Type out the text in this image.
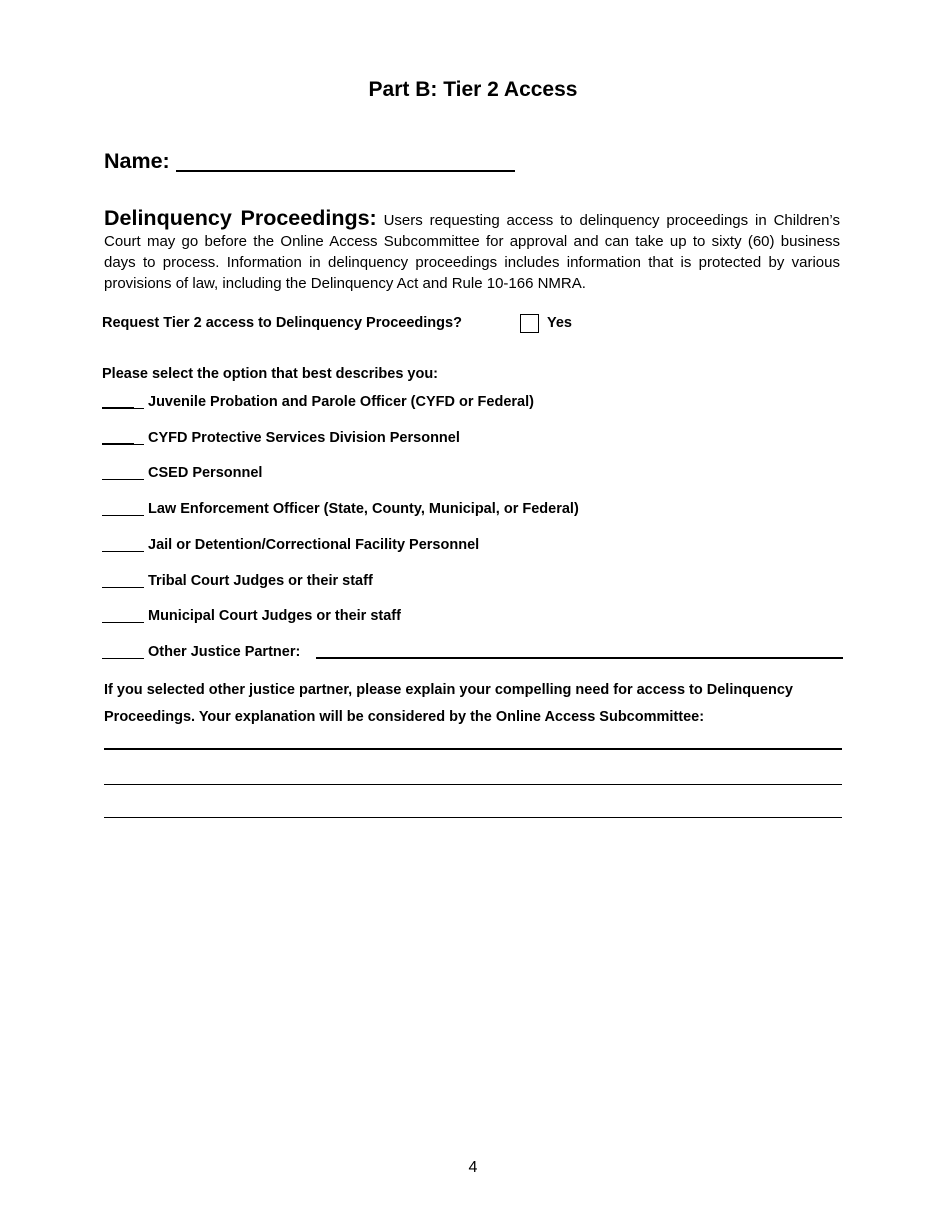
Part B: Tier 2 Access
Name:
Delinquency Proceedings: Users requesting access to delinquency proceedings in Children’s Court may go before the Online Access Subcommittee for approval and can take up to sixty (60) business days to process. Information in delinquency proceedings includes information that is protected by various provisions of law, including the Delinquency Act and Rule 10-166 NMRA.
Request Tier 2 access to Delinquency Proceedings?	Yes
Please select the option that best describes you:
Juvenile Probation and Parole Officer (CYFD or Federal)
CYFD Protective Services Division Personnel
CSED Personnel
Law Enforcement Officer (State, County, Municipal, or Federal)
Jail or Detention/Correctional Facility Personnel
Tribal Court Judges or their staff
Municipal Court Judges or their staff
Other Justice Partner:
If you selected other justice partner, please explain your compelling need for access to Delinquency Proceedings. Your explanation will be considered by the Online Access Subcommittee:
4
